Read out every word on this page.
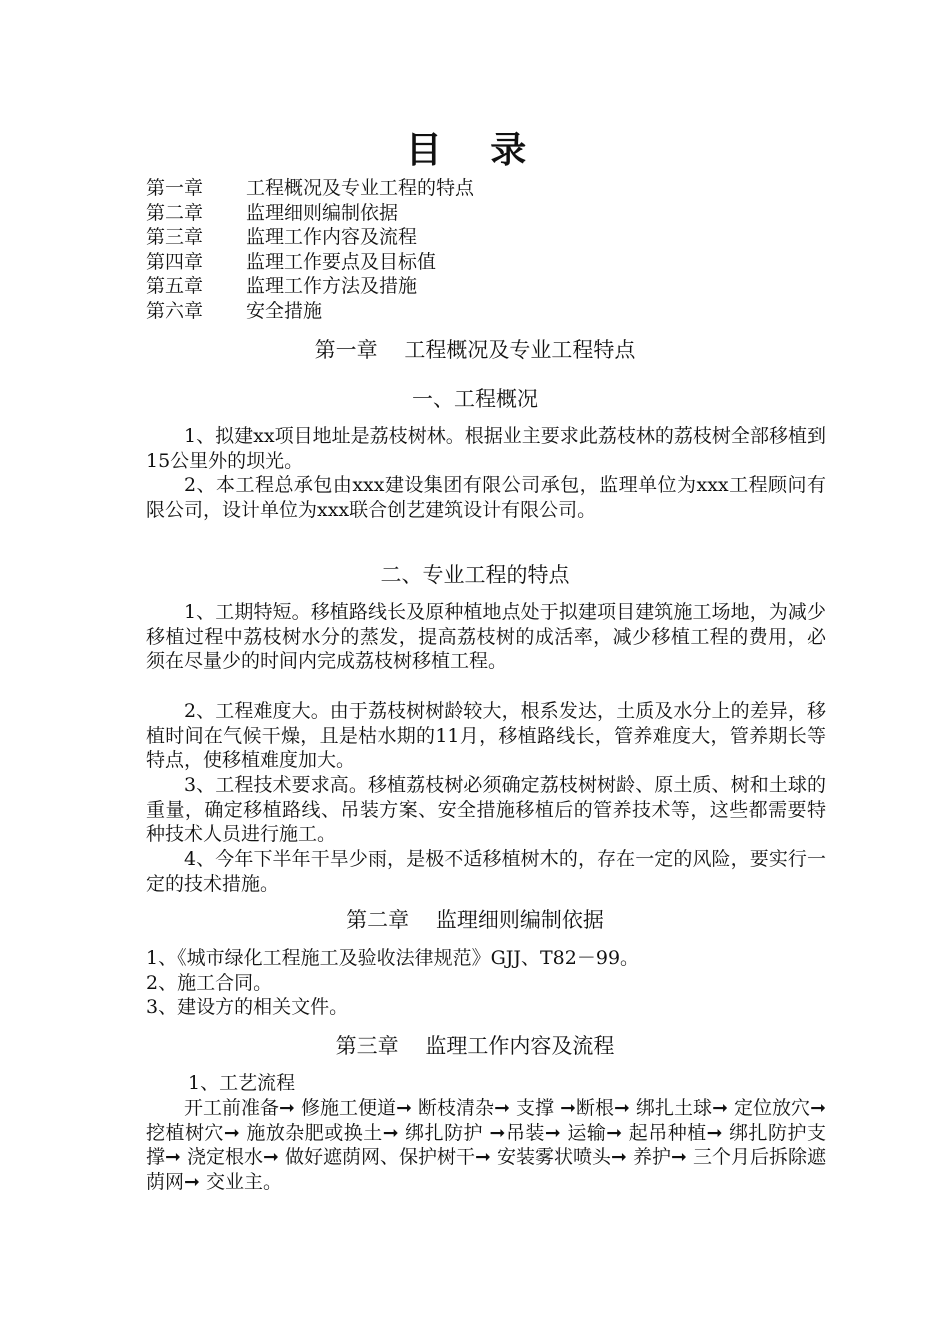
目 录
第一章	工程概况及专业工程的特点
第二章	监理细则编制依据
第三章	监理工作内容及流程
第四章	监理工作要点及目标值
第五章	监理工作方法及措施
第六章	安全措施
第一章    工程概况及专业工程特点
一、工程概况
1、拟建xx项目地址是荔枝树林。根据业主要求此荔枝林的荔枝树全部移植到15公里外的坝光。
2、本工程总承包由xxx建设集团有限公司承包，监理单位为xxx工程顾问有限公司，设计单位为xxx联合创艺建筑设计有限公司。
二、专业工程的特点
1、工期特短。移植路线长及原种植地点处于拟建项目建筑施工场地，为减少移植过程中荔枝树水分的蒸发，提高荔枝树的成活率，减少移植工程的费用，必须在尽量少的时间内完成荔枝树移植工程。
2、工程难度大。由于荔枝树树龄较大，根系发达，土质及水分上的差异，移植时间在气候干燥，且是枯水期的11月，移植路线长，管养难度大，管养期长等特点，使移植难度加大。
3、工程技术要求高。移植荔枝树必须确定荔枝树树龄、原土质、树和土球的重量，确定移植路线、吊装方案、安全措施移植后的管养技术等，这些都需要特种技术人员进行施工。
4、今年下半年干旱少雨，是极不适移植树木的，存在一定的风险，要实行一定的技术措施。
第二章    监理细则编制依据
1、《城市绿化工程施工及验收法律规范》GJJ、T82－99。
2、施工合同。
3、建设方的相关文件。
第三章    监理工作内容及流程
1、工艺流程
开工前准备➞ 修施工便道➞ 断枝清杂➞ 支撑 ➞断根➞ 绑扎土球➞ 定位放穴➞ 挖植树穴➞ 施放杂肥或换土➞ 绑扎防护 ➞吊装➞ 运输➞ 起吊种植➞ 绑扎防护支撑➞ 浇定根水➞ 做好遮荫网、保护树干➞ 安装雾状喷头➞ 养护➞ 三个月后拆除遮荫网➞ 交业主。
